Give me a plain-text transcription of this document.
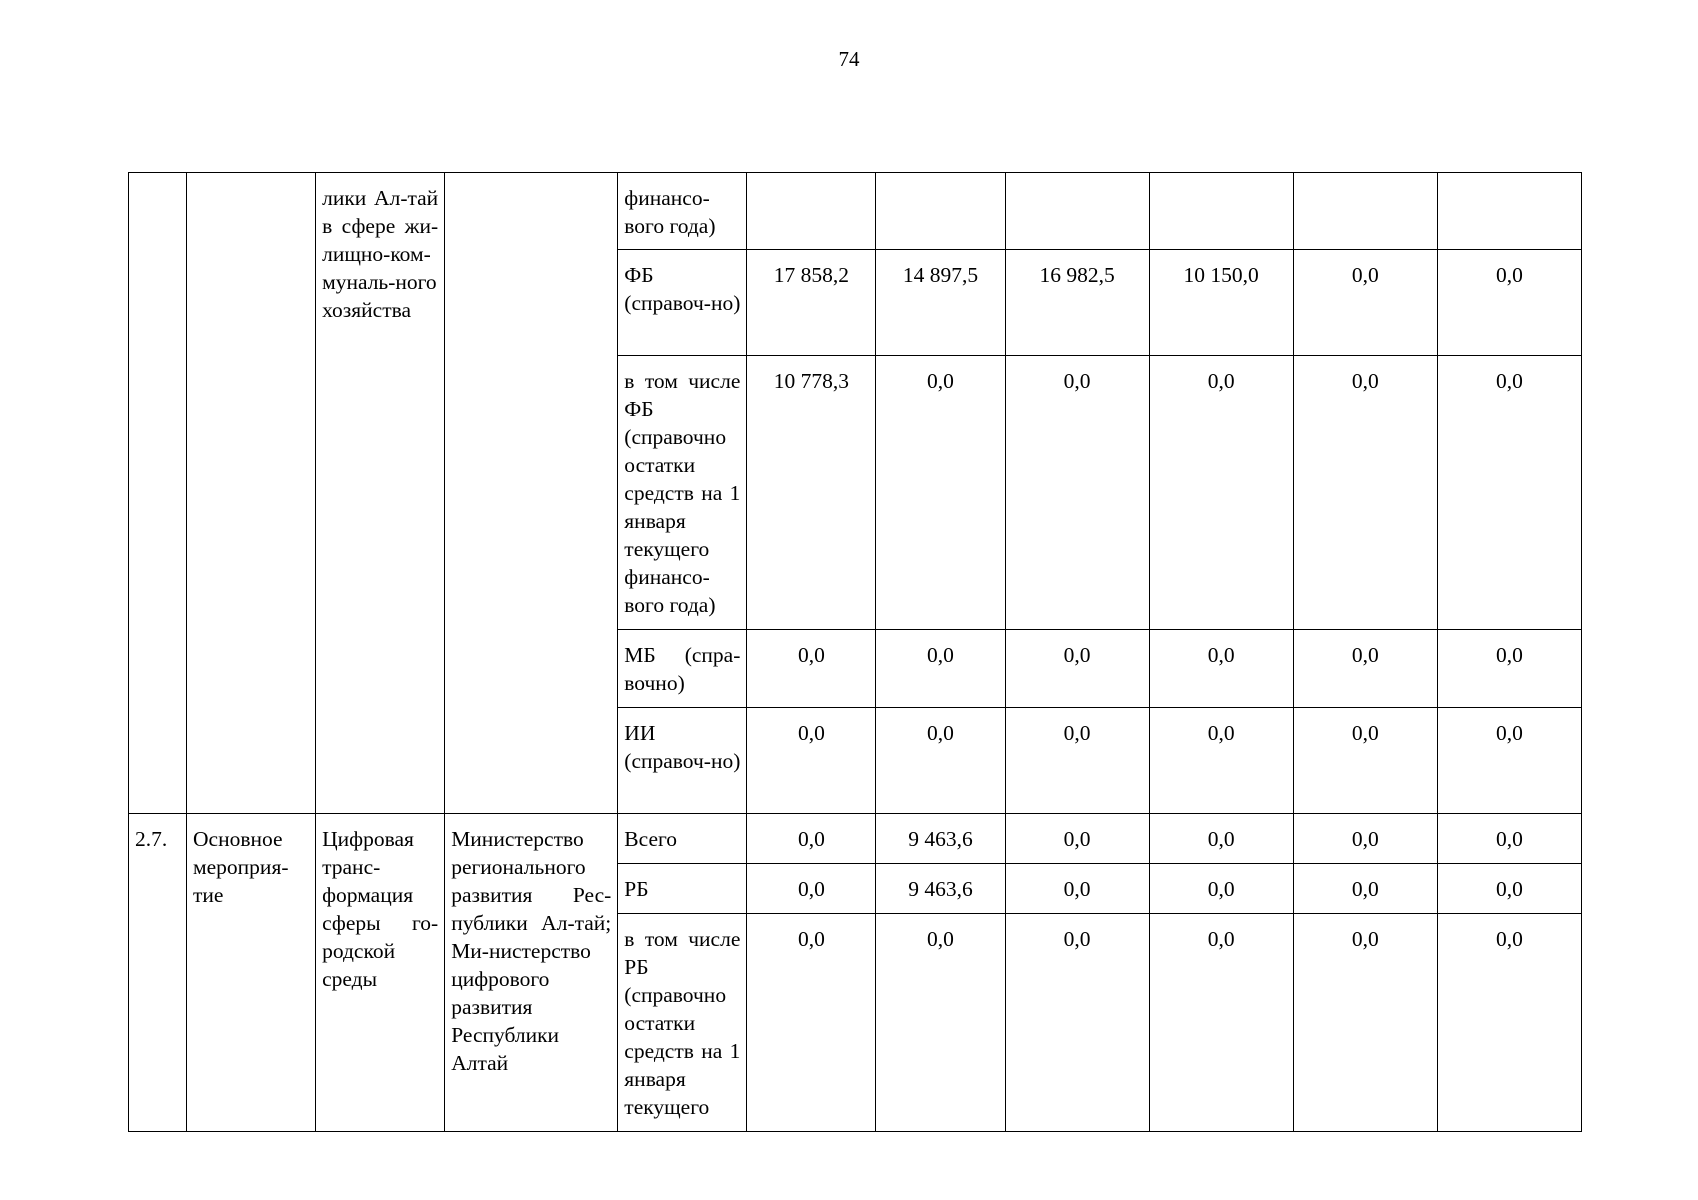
74
		лики Ал-тай в сфере жи-лищно-ком-муналь-ного хозяйства		финансо-вого года)						
				ФБ (справоч-но)	17 858,2	14 897,5	16 982,5	10 150,0	0,0	0,0
				в том числе ФБ (справочно остатки средств на 1 января текущего финансо-вого года)	10 778,3	0,0	0,0	0,0	0,0	0,0
				МБ (спра-вочно)	0,0	0,0	0,0	0,0	0,0	0,0
				ИИ (справоч-но)	0,0	0,0	0,0	0,0	0,0	0,0
2.7.	Основное мероприя-тие	Цифровая транс-формация сферы го-родской среды	Министерство регионального развития Рес-публики Ал-тай; Ми-нистерство цифрового развития Республики Алтай	Всего	0,0	9 463,6	0,0	0,0	0,0	0,0
				РБ	0,0	9 463,6	0,0	0,0	0,0	0,0
				в том числе РБ (справочно остатки средств на 1 января текущего	0,0	0,0	0,0	0,0	0,0	0,0
